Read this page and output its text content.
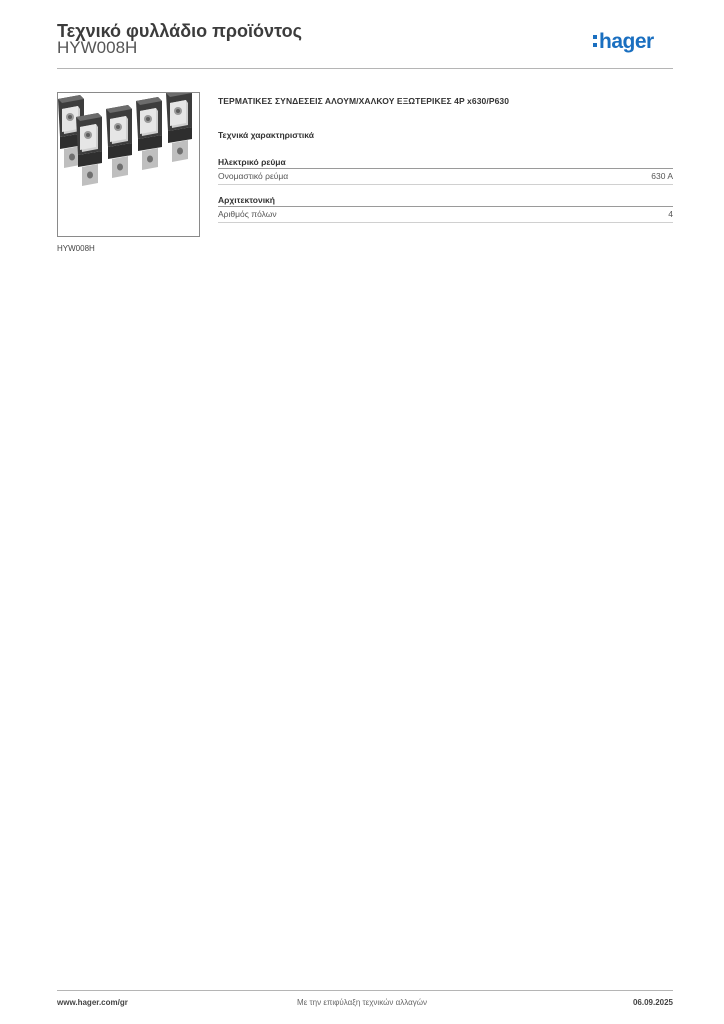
Τεχνικό φυλλάδιο προϊόντος
HYW008H	hager
HYW008H
ΤΕΡΜΑΤΙΚΕΣ ΣΥΝΔΕΣΕΙΣ ΑΛΟΥΜ/ΧΑΛΚΟΥ ΕΞΩΤΕΡΙΚΕΣ 4P x630/P630
Τεχνικά χαρακτηριστικά
Ηλεκτρικό ρεύμα
Ονομαστικό ρεύμα	630 A
Αρχιτεκτονική
Αριθμός πόλων	4
www.hager.com/gr	Με την επιφύλαξη τεχνικών αλλαγών	06.09.2025
